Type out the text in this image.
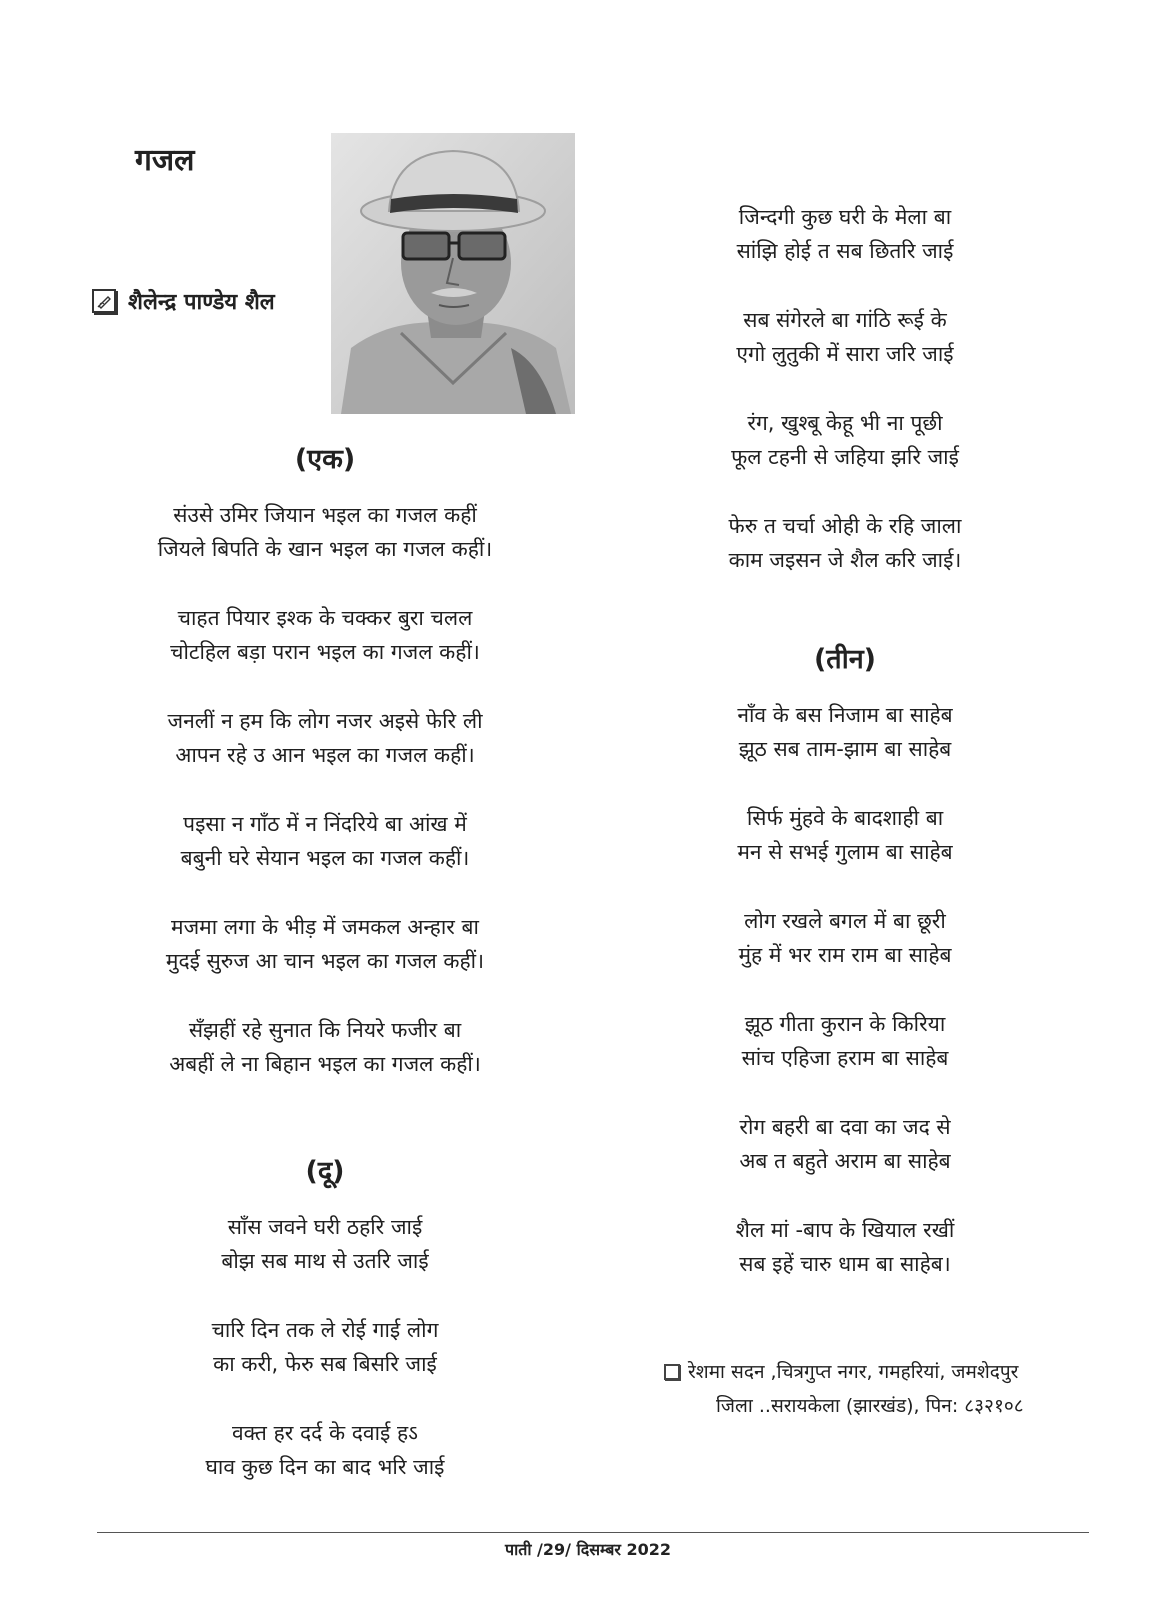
गजल
शैलेन्द्र पाण्डेय शैल
(एक)
संउसे उमिर जियान भइल का गजल कहीं
जियले बिपति के खान भइल का गजल कहीं।
चाहत पियार इश्क के चक्कर बुरा चलल
चोटहिल बड़ा परान भइल का गजल कहीं।
जनलीं न हम कि लोग नजर अइसे फेरि ली
आपन रहे उ आन भइल का गजल कहीं।
पइसा न गाँठ में न निंदरिये बा आंख में
बबुनी घरे सेयान भइल का गजल कहीं।
मजमा लगा के भीड़ में जमकल अन्हार बा
मुदई सुरुज आ चान भइल का गजल कहीं।
सँझहीं रहे सुनात कि नियरे फजीर बा
अबहीं ले ना बिहान भइल का गजल कहीं।
(दू)
साँस जवने घरी ठहरि जाई
बोझ सब माथ से उतरि जाई
चारि दिन तक ले रोई गाई लोग
का करी, फेरु सब बिसरि जाई
वक्त हर दर्द के दवाई हऽ
घाव कुछ दिन का बाद भरि जाई
जिन्दगी कुछ घरी के मेला बा
सांझि होई त सब छितरि जाई
सब संगेरले बा गांठि रूई के
एगो लुतुकी में सारा जरि जाई
रंग, खुश्बू केहू भी ना पूछी
फूल टहनी से जहिया झरि जाई
फेरु त चर्चा ओही के रहि जाला
काम जइसन जे शैल करि जाई।
(तीन)
नाँव के बस निजाम बा साहेब
झूठ सब ताम-झाम बा साहेब
सिर्फ मुंहवे के बादशाही बा
मन से सभई गुलाम बा साहेब
लोग रखले बगल में बा छूरी
मुंह में भर राम राम बा साहेब
झूठ गीता कुरान के किरिया
सांच एहिजा हराम बा साहेब
रोग बहरी बा दवा का जद से
अब त बहुते अराम बा साहेब
शैल मां -बाप के खियाल रखीं
सब इहें चारु धाम बा साहेब।
रेशमा सदन ,चित्रगुप्त नगर, गमहरियां, जमशेदपुर
जिला ..सरायकेला (झारखंड), पिन: ८३२१०८
पाती /29/ दिसम्बर 2022
